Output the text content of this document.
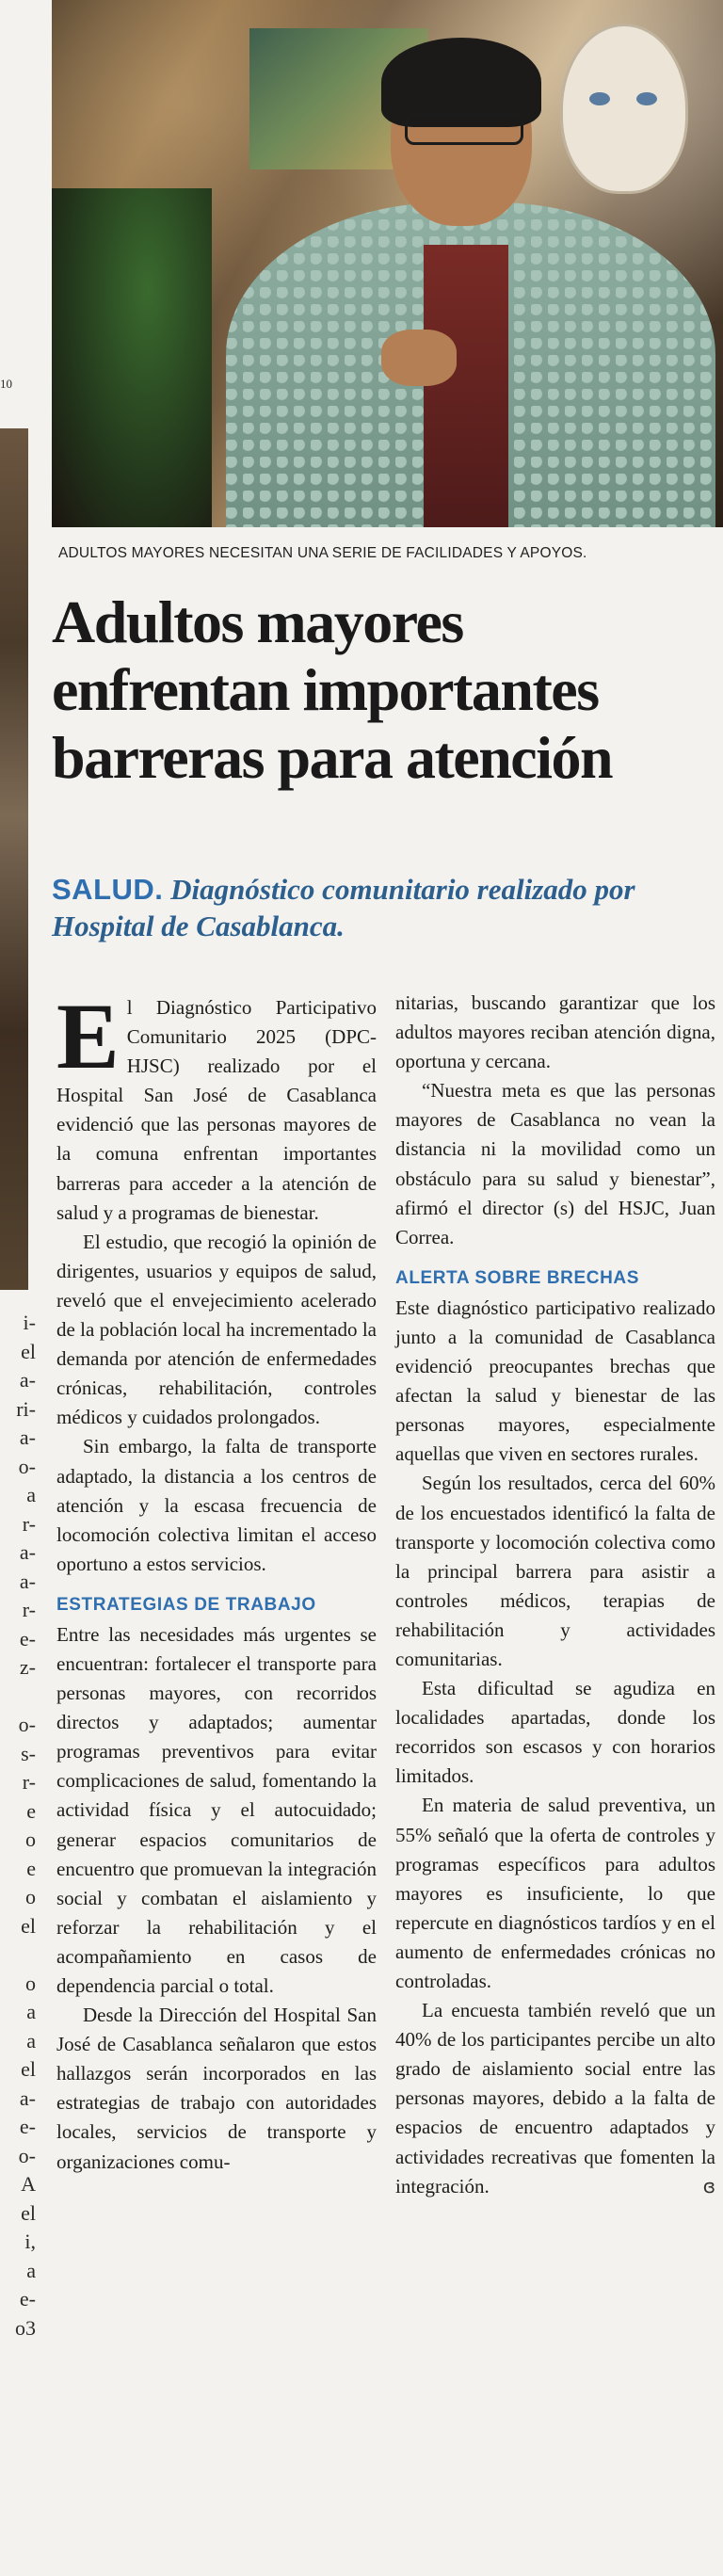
10
i-
el
a-
ri-
a-
o-
a
r-
a-
a-
r-
e-
z-

o-
s-
r-
e
o
e
o
el

o
a
a
el
a-
e-
o-
A
el
i,
a
e-
o3
ADULTOS MAYORES NECESITAN UNA SERIE DE FACILIDADES Y APOYOS.
Adultos mayores
enfrentan importantes
barreras para atención
SALUD. Diagnóstico comunitario realizado por Hospital de Casablanca.

El Diagnóstico Participativo Comunitario 2025 (DPC-HJSC) realizado por el Hospital San José de Casablanca evidenció que las personas mayores de la comuna enfrentan importantes barreras para acceder a la atención de salud y a programas de bienestar.

El estudio, que recogió la opinión de dirigentes, usuarios y equipos de salud, reveló que el envejecimiento acelerado de la población local ha incrementado la demanda por atención de enfermedades crónicas, rehabilitación, controles médicos y cuidados prolongados.

Sin embargo, la falta de transporte adaptado, la distancia a los centros de atención y la escasa frecuencia de locomoción colectiva limitan el acceso oportuno a estos servicios.

ESTRATEGIAS DE TRABAJO

Entre las necesidades más urgentes se encuentran: fortalecer el transporte para personas mayores, con recorridos directos y adaptados; aumentar programas preventivos para evitar complicaciones de salud, fomentando la actividad física y el autocuidado; generar espacios comunitarios de encuentro que promuevan la integración social y combatan el aislamiento y reforzar la rehabilitación y el acompañamiento en casos de dependencia parcial o total.

Desde la Dirección del Hospital San José de Casablanca señalaron que estos hallazgos serán incorporados en las estrategias de trabajo con autoridades locales, servicios de transporte y organizaciones comu-

nitarias, buscando garantizar que los adultos mayores reciban atención digna, oportuna y cercana.

“Nuestra meta es que las personas mayores de Casablanca no vean la distancia ni la movilidad como un obstáculo para su salud y bienestar”, afirmó el director (s) del HSJC, Juan Correa.

ALERTA SOBRE BRECHAS

Este diagnóstico participativo realizado junto a la comunidad de Casablanca evidenció preocupantes brechas que afectan la salud y bienestar de las personas mayores, especialmente aquellas que viven en sectores rurales.

Según los resultados, cerca del 60% de los encuestados identificó la falta de transporte y locomoción colectiva como la principal barrera para asistir a controles médicos, terapias de rehabilitación y actividades comunitarias.

Esta dificultad se agudiza en localidades apartadas, donde los recorridos son escasos y con horarios limitados.

En materia de salud preventiva, un 55% señaló que la oferta de controles y programas específicos para adultos mayores es insuficiente, lo que repercute en diagnósticos tardíos y en el aumento de enfermedades crónicas no controladas.

La encuesta también reveló que un 40% de los participantes percibe un alto grado de aislamiento social entre las personas mayores, debido a la falta de espacios de encuentro adaptados y actividades recreativas que fomenten la integración.	ɞ
